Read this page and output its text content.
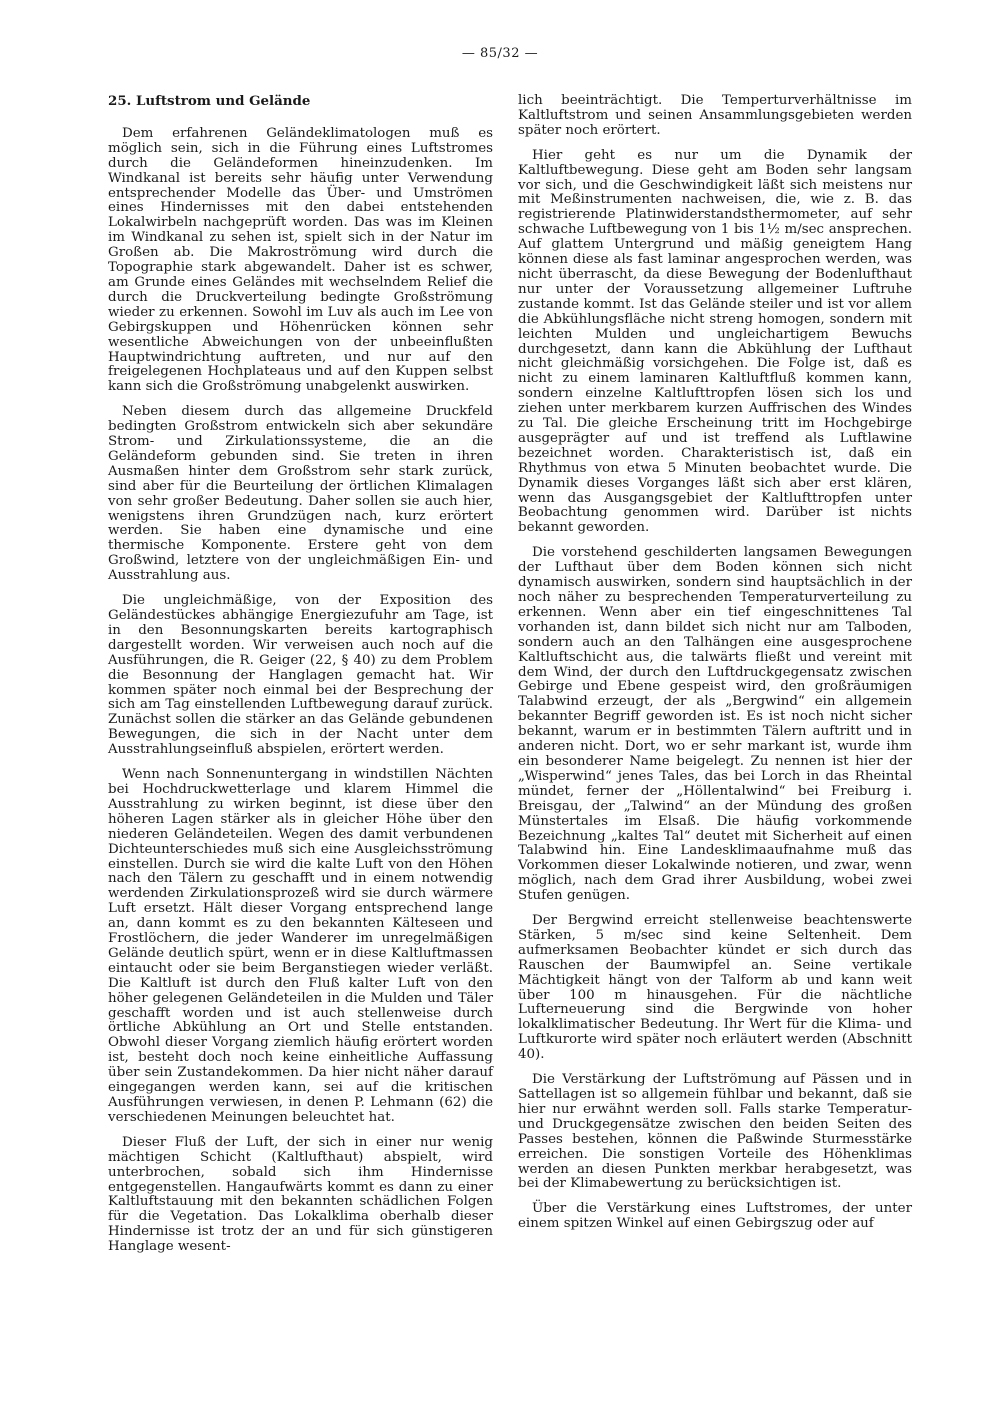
— 85/32 —
25. Luftstrom und Gelände

Dem erfahrenen Geländeklimatologen muß es möglich sein, sich in die Führung eines Luftstromes durch die Geländeformen hineinzudenken. Im Windkanal ist bereits sehr häufig unter Verwendung entsprechender Modelle das Über- und Umströmen eines Hindernisses mit den dabei entstehenden Lokalwirbeln nachgeprüft worden. Das was im Kleinen im Windkanal zu sehen ist, spielt sich in der Natur im Großen ab. Die Makroströmung wird durch die Topographie stark abgewandelt. Daher ist es schwer, am Grunde eines Geländes mit wechselndem Relief die durch die Druckverteilung bedingte Großströmung wieder zu erkennen. Sowohl im Luv als auch im Lee von Gebirgskuppen und Höhenrücken können sehr wesentliche Abweichungen von der unbeeinflußten Hauptwindrichtung auftreten, und nur auf den freigelegenen Hochplateaus und auf den Kuppen selbst kann sich die Großströmung unabgelenkt auswirken.

Neben diesem durch das allgemeine Druckfeld bedingten Großstrom entwickeln sich aber sekundäre Strom- und Zirkulationssysteme, die an die Geländeform gebunden sind. Sie treten in ihren Ausmaßen hinter dem Großstrom sehr stark zurück, sind aber für die Beurteilung der örtlichen Klimalagen von sehr großer Bedeutung. Daher sollen sie auch hier, wenigstens ihren Grundzügen nach, kurz erörtert werden. Sie haben eine dynamische und eine thermische Komponente. Erstere geht von dem Großwind, letztere von der ungleichmäßigen Ein- und Ausstrahlung aus.

Die ungleichmäßige, von der Exposition des Geländestückes abhängige Energiezufuhr am Tage, ist in den Besonnungskarten bereits kartographisch dargestellt worden. Wir verweisen auch noch auf die Ausführungen, die R. Geiger (22, § 40) zu dem Problem die Besonnung der Hanglagen gemacht hat. Wir kommen später noch einmal bei der Besprechung der sich am Tag einstellenden Luftbewegung darauf zurück. Zunächst sollen die stärker an das Gelände gebundenen Bewegungen, die sich in der Nacht unter dem Ausstrahlungseinfluß abspielen, erörtert werden.

Wenn nach Sonnenuntergang in windstillen Nächten bei Hochdruckwetterlage und klarem Himmel die Ausstrahlung zu wirken beginnt, ist diese über den höheren Lagen stärker als in gleicher Höhe über den niederen Geländeteilen. Wegen des damit verbundenen Dichteunterschiedes muß sich eine Ausgleichsströmung einstellen. Durch sie wird die kalte Luft von den Höhen nach den Tälern zu geschafft und in einem notwendig werdenden Zirkulationsprozeß wird sie durch wärmere Luft ersetzt. Hält dieser Vorgang entsprechend lange an, dann kommt es zu den bekannten Kälteseen und Frostlöchern, die jeder Wanderer im unregelmäßigen Gelände deutlich spürt, wenn er in diese Kaltluftmassen eintaucht oder sie beim Berganstiegen wieder verläßt. Die Kaltluft ist durch den Fluß kalter Luft von den höher gelegenen Geländeteilen in die Mulden und Täler geschafft worden und ist auch stellenweise durch örtliche Abkühlung an Ort und Stelle entstanden. Obwohl dieser Vorgang ziemlich häufig erörtert worden ist, besteht doch noch keine einheitliche Auffassung über sein Zustandekommen. Da hier nicht näher darauf eingegangen werden kann, sei auf die kritischen Ausführungen verwiesen, in denen P. Lehmann (62) die verschiedenen Meinungen beleuchtet hat.

Dieser Fluß der Luft, der sich in einer nur wenig mächtigen Schicht (Kaltlufthaut) abspielt, wird unterbrochen, sobald sich ihm Hindernisse entgegenstellen. Hangaufwärts kommt es dann zu einer Kaltluftstauung mit den bekannten schädlichen Folgen für die Vegetation. Das Lokalklima oberhalb dieser Hindernisse ist trotz der an und für sich günstigeren Hanglage wesent-

lich beeinträchtigt. Die Temperturverhältnisse im Kaltluftstrom und seinen Ansammlungsgebieten werden später noch erörtert.

Hier geht es nur um die Dynamik der Kaltluftbewegung. Diese geht am Boden sehr langsam vor sich, und die Geschwindigkeit läßt sich meistens nur mit Meßinstrumenten nachweisen, die, wie z. B. das registrierende Platinwiderstandsthermometer, auf sehr schwache Luftbewegung von 1 bis 1½ m/sec ansprechen. Auf glattem Untergrund und mäßig geneigtem Hang können diese als fast laminar angesprochen werden, was nicht überrascht, da diese Bewegung der Bodenlufthaut nur unter der Voraussetzung allgemeiner Luftruhe zustande kommt. Ist das Gelände steiler und ist vor allem die Abkühlungsfläche nicht streng homogen, sondern mit leichten Mulden und ungleichartigem Bewuchs durchgesetzt, dann kann die Abkühlung der Lufthaut nicht gleichmäßig vorsichgehen. Die Folge ist, daß es nicht zu einem laminaren Kaltluftfluß kommen kann, sondern einzelne Kaltlufttropfen lösen sich los und ziehen unter merkbarem kurzen Auffrischen des Windes zu Tal. Die gleiche Erscheinung tritt im Hochgebirge ausgeprägter auf und ist treffend als Luftlawine bezeichnet worden. Charakteristisch ist, daß ein Rhythmus von etwa 5 Minuten beobachtet wurde. Die Dynamik dieses Vorganges läßt sich aber erst klären, wenn das Ausgangsgebiet der Kaltlufttropfen unter Beobachtung genommen wird. Darüber ist nichts bekannt geworden.

Die vorstehend geschilderten langsamen Bewegungen der Lufthaut über dem Boden können sich nicht dynamisch auswirken, sondern sind hauptsächlich in der noch näher zu besprechenden Temperaturverteilung zu erkennen. Wenn aber ein tief eingeschnittenes Tal vorhanden ist, dann bildet sich nicht nur am Talboden, sondern auch an den Talhängen eine ausgesprochene Kaltluftschicht aus, die talwärts fließt und vereint mit dem Wind, der durch den Luftdruckgegensatz zwischen Gebirge und Ebene gespeist wird, den großräumigen Talabwind erzeugt, der als „Bergwind“ ein allgemein bekannter Begriff geworden ist. Es ist noch nicht sicher bekannt, warum er in bestimmten Tälern auftritt und in anderen nicht. Dort, wo er sehr markant ist, wurde ihm ein besonderer Name beigelegt. Zu nennen ist hier der „Wisperwind“ jenes Tales, das bei Lorch in das Rheintal mündet, ferner der „Höllentalwind“ bei Freiburg i. Breisgau, der „Talwind“ an der Mündung des großen Münstertales im Elsaß. Die häufig vorkommende Bezeichnung „kaltes Tal“ deutet mit Sicherheit auf einen Talabwind hin. Eine Landesklimaaufnahme muß das Vorkommen dieser Lokalwinde notieren, und zwar, wenn möglich, nach dem Grad ihrer Ausbildung, wobei zwei Stufen genügen.

Der Bergwind erreicht stellenweise beachtenswerte Stärken, 5 m/sec sind keine Seltenheit. Dem aufmerksamen Beobachter kündet er sich durch das Rauschen der Baumwipfel an. Seine vertikale Mächtigkeit hängt von der Talform ab und kann weit über 100 m hinausgehen. Für die nächtliche Lufterneuerung sind die Bergwinde von hoher lokalklimatischer Bedeutung. Ihr Wert für die Klima- und Luftkurorte wird später noch erläutert werden (Abschnitt 40).

Die Verstärkung der Luftströmung auf Pässen und in Sattellagen ist so allgemein fühlbar und bekannt, daß sie hier nur erwähnt werden soll. Falls starke Temperatur- und Druckgegensätze zwischen den beiden Seiten des Passes bestehen, können die Paßwinde Sturmesstärke erreichen. Die sonstigen Vorteile des Höhenklimas werden an diesen Punkten merkbar herabgesetzt, was bei der Klimabewertung zu berücksichtigen ist.

Über die Verstärkung eines Luftstromes, der unter einem spitzen Winkel auf einen Gebirgszug oder auf
